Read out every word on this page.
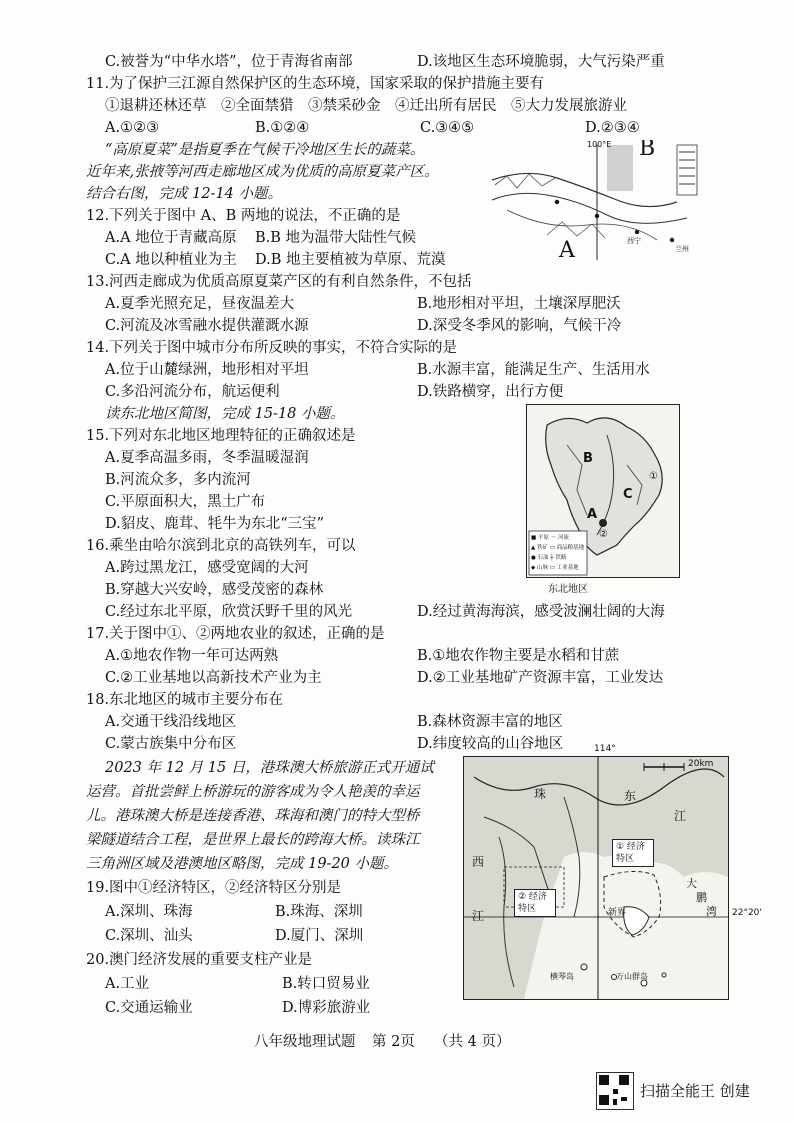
C.被誉为“中华水塔”，位于青海省南部	D.该地区生态环境脆弱，大气污染严重
11.为了保护三江源自然保护区的生态环境，国家采取的保护措施主要有
①退耕还林还草　②全面禁猎　③禁采砂金　④迁出所有居民　⑤大力发展旅游业
A.①②③	B.①②④	C.③④⑤	D.②③④
“高原夏菜”是指夏季在气候干冷地区生长的蔬菜。
近年来,张掖等河西走廊地区成为优质的高原夏菜产区。
结合右图，完成 12-14 小题。
100°E B
A	西宁
兰州
12.下列关于图中 A、B 两地的说法，不正确的是
A.A 地位于青藏高原 B.B 地为温带大陆性气候
C.A 地以种植业为主 D.B 地主要植被为草原、荒漠
13.河西走廊成为优质高原夏菜产区的有利自然条件，不包括
A.夏季光照充足，昼夜温差大	B.地形相对平坦，土壤深厚肥沃
C.河流及冰雪融水提供灌溉水源	D.深受冬季风的影响，气候干冷
14.下列关于图中城市分布所反映的事实，不符合实际的是
A.位于山麓绿洲，地形相对平坦	B.水源丰富，能满足生产、生活用水
C.多沿河流分布，航运便利	D.铁路横穿，出行方便
读东北地区简图，完成 15-18 小题。
B
A
C
①
②
■ 平原 ～ 河流
▲ 铁矿 ▭ 商品粮基地
● 石油 ┼ 铁路
◆ 山脉 ▭ 工业基地
东北地区
15.下列对东北地区地理特征的正确叙述是
A.夏季高温多雨，冬季温暖湿润
B.河流众多，多内流河
C.平原面积大，黑土广布
D.貂皮、鹿茸、牦牛为东北“三宝”
16.乘坐由哈尔滨到北京的高铁列车，可以
A.跨过黑龙江，感受宽阔的大河
B.穿越大兴安岭，感受茂密的森林
C.经过东北平原，欣赏沃野千里的风光	D.经过黄海海滨，感受波澜壮阔的大海
17.关于图中①、②两地农业的叙述，正确的是
A.①地农作物一年可达两熟	B.①地农作物主要是水稻和甘蔗
C.②工业基地以高新技术产业为主	D.②工业基地矿产资源丰富，工业发达
18.东北地区的城市主要分布在
A.交通干线沿线地区	B.森林资源丰富的地区
C.蒙古族集中分布区	D.纬度较高的山谷地区
2023 年 12 月 15 日，港珠澳大桥旅游正式开通试
运营。首批尝鲜上桥游玩的游客成为令人艳羡的幸运
儿。港珠澳大桥是连接香港、珠海和澳门的特大型桥
梁隧道结合工程，是世界上最长的跨海大桥。读珠江
三角洲区域及港澳地区略图，完成 19-20 小题。
114°
20km
珠	东
江
西
江
① 经济特区
② 经济特区	新界
大
鹏
湾
横琴岛	万山群岛
22°20'
19.图中①经济特区，②经济特区分别是
A.深圳、珠海	B.珠海、深圳
C.深圳、汕头	D.厦门、深圳
20.澳门经济发展的重要支柱产业是
A.工业	B.转口贸易业
C.交通运输业	D.博彩旅游业
八年级地理试题 第 2页 （共 4 页）
扫描全能王 创建
